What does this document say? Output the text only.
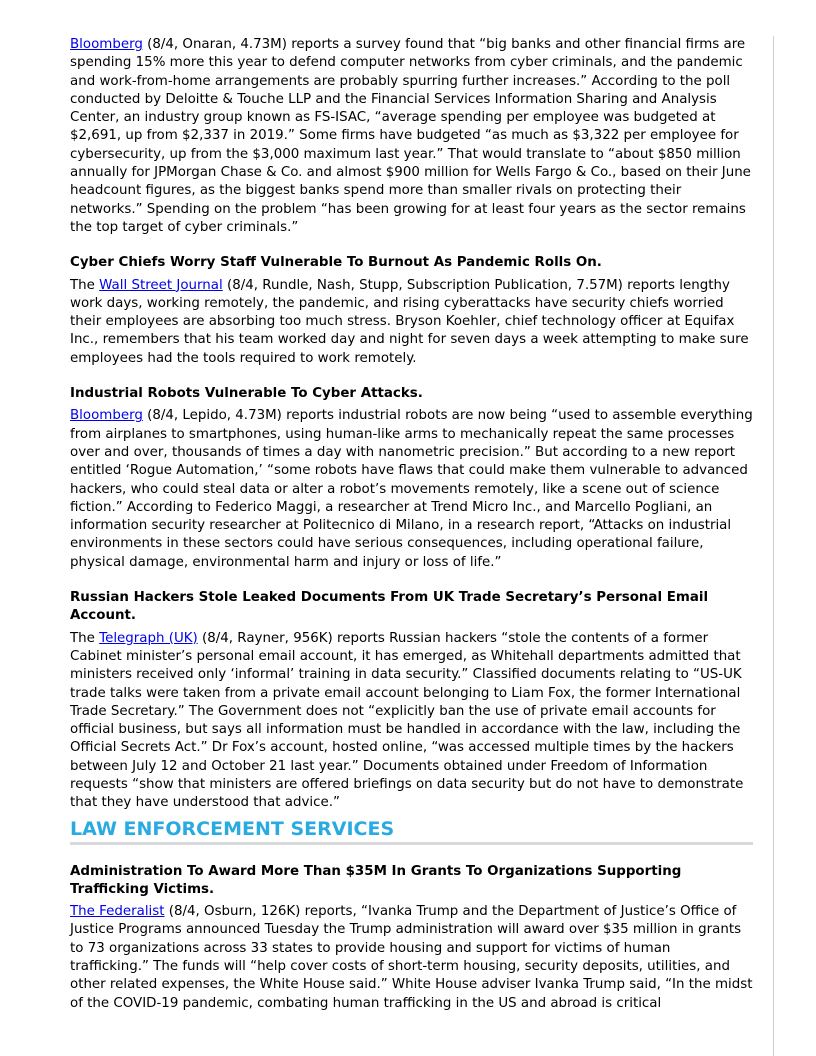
Bloomberg (8/4, Onaran, 4.73M) reports a survey found that “big banks and other financial firms are spending 15% more this year to defend computer networks from cyber criminals, and the pandemic and work-from-home arrangements are probably spurring further increases.” According to the poll conducted by Deloitte & Touche LLP and the Financial Services Information Sharing and Analysis Center, an industry group known as FS-ISAC, “average spending per employee was budgeted at $2,691, up from $2,337 in 2019.” Some firms have budgeted “as much as $3,322 per employee for cybersecurity, up from the $3,000 maximum last year.” That would translate to “about $850 million annually for JPMorgan Chase & Co. and almost $900 million for Wells Fargo & Co., based on their June headcount figures, as the biggest banks spend more than smaller rivals on protecting their networks.” Spending on the problem “has been growing for at least four years as the sector remains the top target of cyber criminals.”

Cyber Chiefs Worry Staff Vulnerable To Burnout As Pandemic Rolls On.

The Wall Street Journal (8/4, Rundle, Nash, Stupp, Subscription Publication, 7.57M) reports lengthy work days, working remotely, the pandemic, and rising cyberattacks have security chiefs worried their employees are absorbing too much stress. Bryson Koehler, chief technology officer at Equifax Inc., remembers that his team worked day and night for seven days a week attempting to make sure employees had the tools required to work remotely.

Industrial Robots Vulnerable To Cyber Attacks.

Bloomberg (8/4, Lepido, 4.73M) reports industrial robots are now being “used to assemble everything from airplanes to smartphones, using human-like arms to mechanically repeat the same processes over and over, thousands of times a day with nanometric precision.” But according to a new report entitled ‘Rogue Automation,’ “some robots have flaws that could make them vulnerable to advanced hackers, who could steal data or alter a robot’s movements remotely, like a scene out of science fiction.” According to Federico Maggi, a researcher at Trend Micro Inc., and Marcello Pogliani, an information security researcher at Politecnico di Milano, in a research report, “Attacks on industrial environments in these sectors could have serious consequences, including operational failure, physical damage, environmental harm and injury or loss of life.”

Russian Hackers Stole Leaked Documents From UK Trade Secretary’s Personal Email Account.

The Telegraph (UK) (8/4, Rayner, 956K) reports Russian hackers “stole the contents of a former Cabinet minister’s personal email account, it has emerged, as Whitehall departments admitted that ministers received only ‘informal’ training in data security.” Classified documents relating to “US-UK trade talks were taken from a private email account belonging to Liam Fox, the former International Trade Secretary.” The Government does not “explicitly ban the use of private email accounts for official business, but says all information must be handled in accordance with the law, including the Official Secrets Act.” Dr Fox’s account, hosted online, “was accessed multiple times by the hackers between July 12 and October 21 last year.” Documents obtained under Freedom of Information requests “show that ministers are offered briefings on data security but do not have to demonstrate that they have understood that advice.”

LAW ENFORCEMENT SERVICES
Administration To Award More Than $35M In Grants To Organizations Supporting Trafficking Victims.

The Federalist (8/4, Osburn, 126K) reports, “Ivanka Trump and the Department of Justice’s Office of Justice Programs announced Tuesday the Trump administration will award over $35 million in grants to 73 organizations across 33 states to provide housing and support for victims of human trafficking.” The funds will “help cover costs of short-term housing, security deposits, utilities, and other related expenses, the White House said.” White House adviser Ivanka Trump said, “In the midst of the COVID-19 pandemic, combating human trafficking in the US and abroad is critical
